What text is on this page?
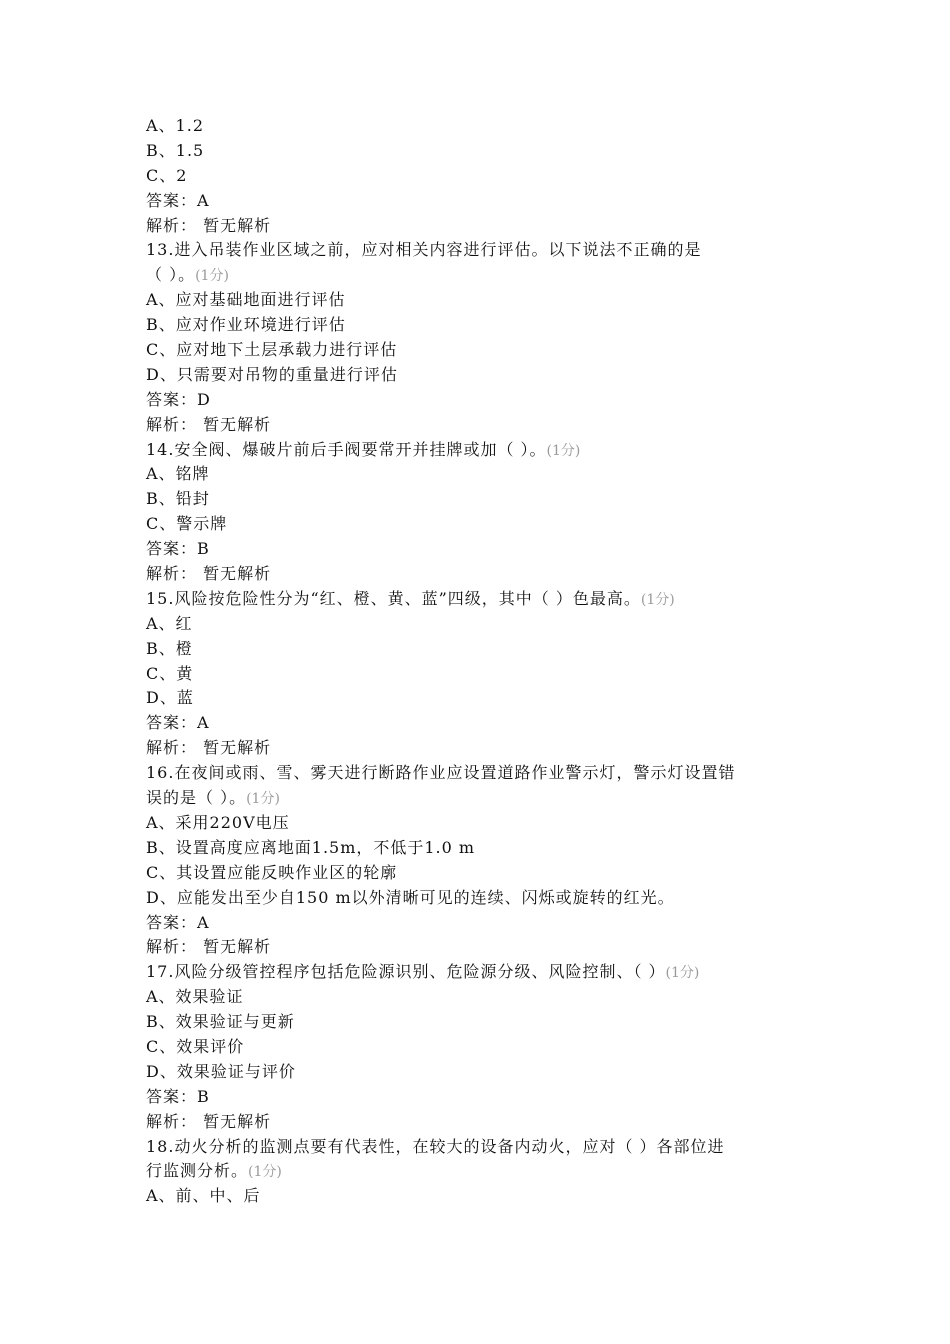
A、1.2
B、1.5
C、2
答案：A
解析： 暂无解析
13.进入吊装作业区域之前，应对相关内容进行评估。以下说法不正确的是
（ ）。(1分)
A、应对基础地面进行评估
B、应对作业环境进行评估
C、应对地下土层承载力进行评估
D、只需要对吊物的重量进行评估
答案：D
解析： 暂无解析
14.安全阀、爆破片前后手阀要常开并挂牌或加（ ）。(1分)
A、铭牌
B、铅封
C、警示牌
答案：B
解析： 暂无解析
15.风险按危险性分为“红、橙、黄、蓝”四级，其中（ ）色最高。(1分)
A、红
B、橙
C、黄
D、蓝
答案：A
解析： 暂无解析
16.在夜间或雨、雪、雾天进行断路作业应设置道路作业警示灯，警示灯设置错
误的是（ ）。(1分)
A、采用220V电压
B、设置高度应离地面1.5m，不低于1.0 m
C、其设置应能反映作业区的轮廓
D、应能发出至少自150 m以外清晰可见的连续、闪烁或旋转的红光。
答案：A
解析： 暂无解析
17.风险分级管控程序包括危险源识别、危险源分级、风险控制、（ ）(1分)
A、效果验证
B、效果验证与更新
C、效果评价
D、效果验证与评价
答案：B
解析： 暂无解析
18.动火分析的监测点要有代表性，在较大的设备内动火，应对（ ）各部位进
行监测分析。(1分)
A、前、中、后
